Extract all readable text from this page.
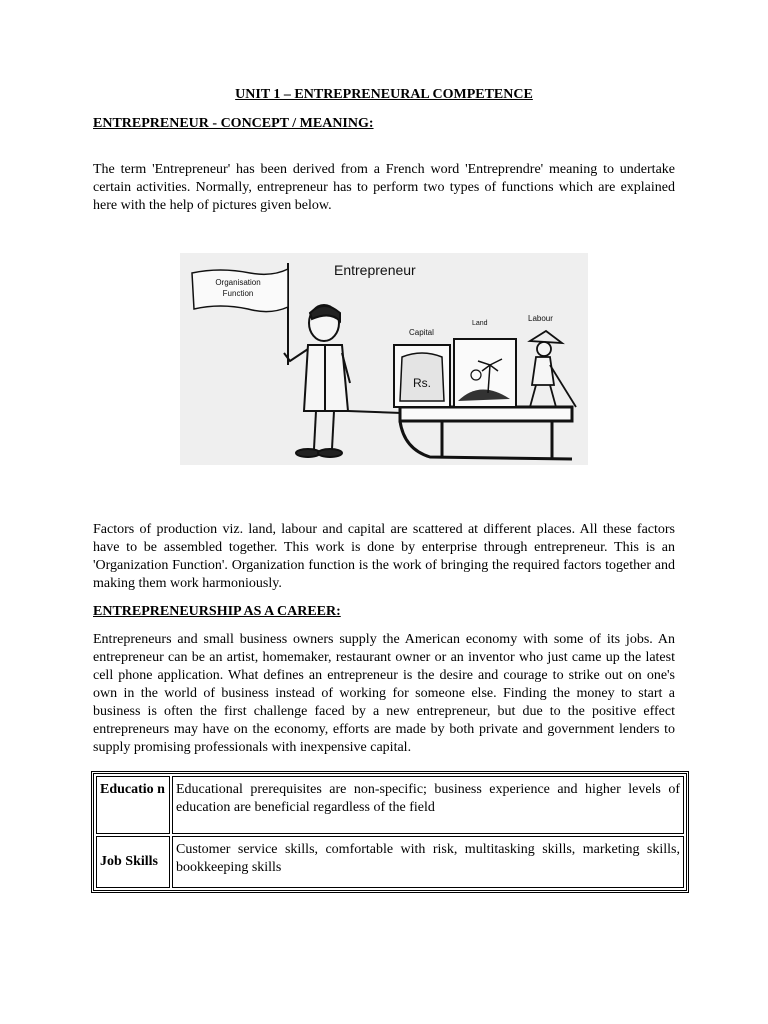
UNIT 1 – ENTREPRENEURAL COMPETENCE
ENTREPRENEUR - CONCEPT / MEANING:

The term 'Entrepreneur' has been derived from a French word 'Entreprendre' meaning to undertake certain activities. Normally, entrepreneur has to perform two types of functions which are explained here with the help of pictures given below.

Entrepreneur
Organisation
Function
Capital
Rs.
Land
Labour

Factors of production viz. land, labour and capital are scattered at different places. All these factors have to be assembled together. This work is done by enterprise through entrepreneur. This is an 'Organization Function'. Organization function is the work of bringing the required factors together and making them work harmoniously.

ENTREPRENEURSHIP AS A CAREER:

Entrepreneurs and small business owners supply the American economy with some of its jobs. An entrepreneur can be an artist, homemaker, restaurant owner or an inventor who just came up the latest cell phone application. What defines an entrepreneur is the desire and courage to strike out on one's own in the world of business instead of working for someone else. Finding the money to start a business is often the first challenge faced by a new entrepreneur, but due to the positive effect entrepreneurs may have on the economy, efforts are made by both private and government lenders to supply promising professionals with inexpensive capital.

Educatio n	Educational prerequisites are non-specific; business experience and higher levels of education are beneficial regardless of the field
Job Skills	Customer service skills, comfortable with risk, multitasking skills, marketing skills, bookkeeping skills
